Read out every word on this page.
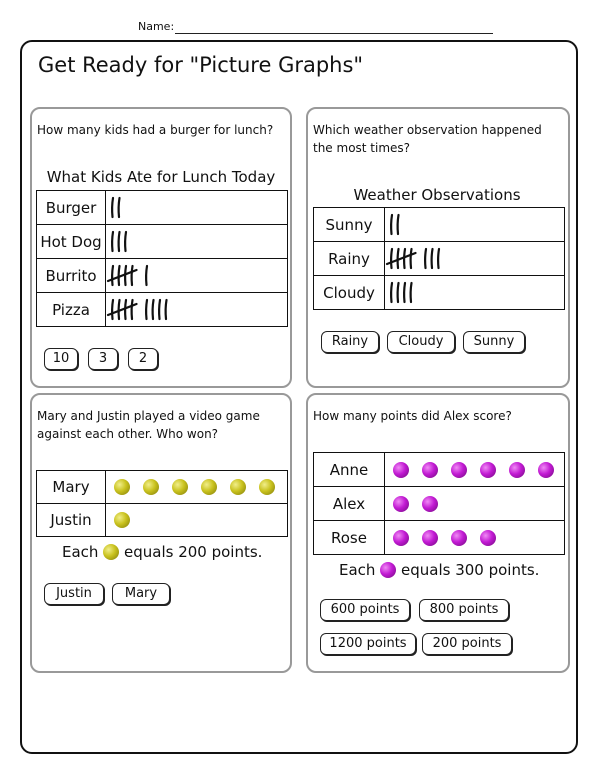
Name:
Get Ready for "Picture Graphs"
How many kids had a burger for lunch?
What Kids Ate for Lunch Today
Burger	

Hot Dog	

Burrito	

Pizza	
10	3	2
Which weather observation happened the most times?
Weather Observations
Sunny	

Rainy	

Cloudy	
Rainy	Cloudy	Sunny
Mary and Justin played a video game against each other. Who won?
Mary	

Justin	
Each equals 200 points.
Justin	Mary
How many points did Alex score?
Anne	

Alex	

Rose	
Each equals 300 points.
600 points	800 points
1200 points	200 points
